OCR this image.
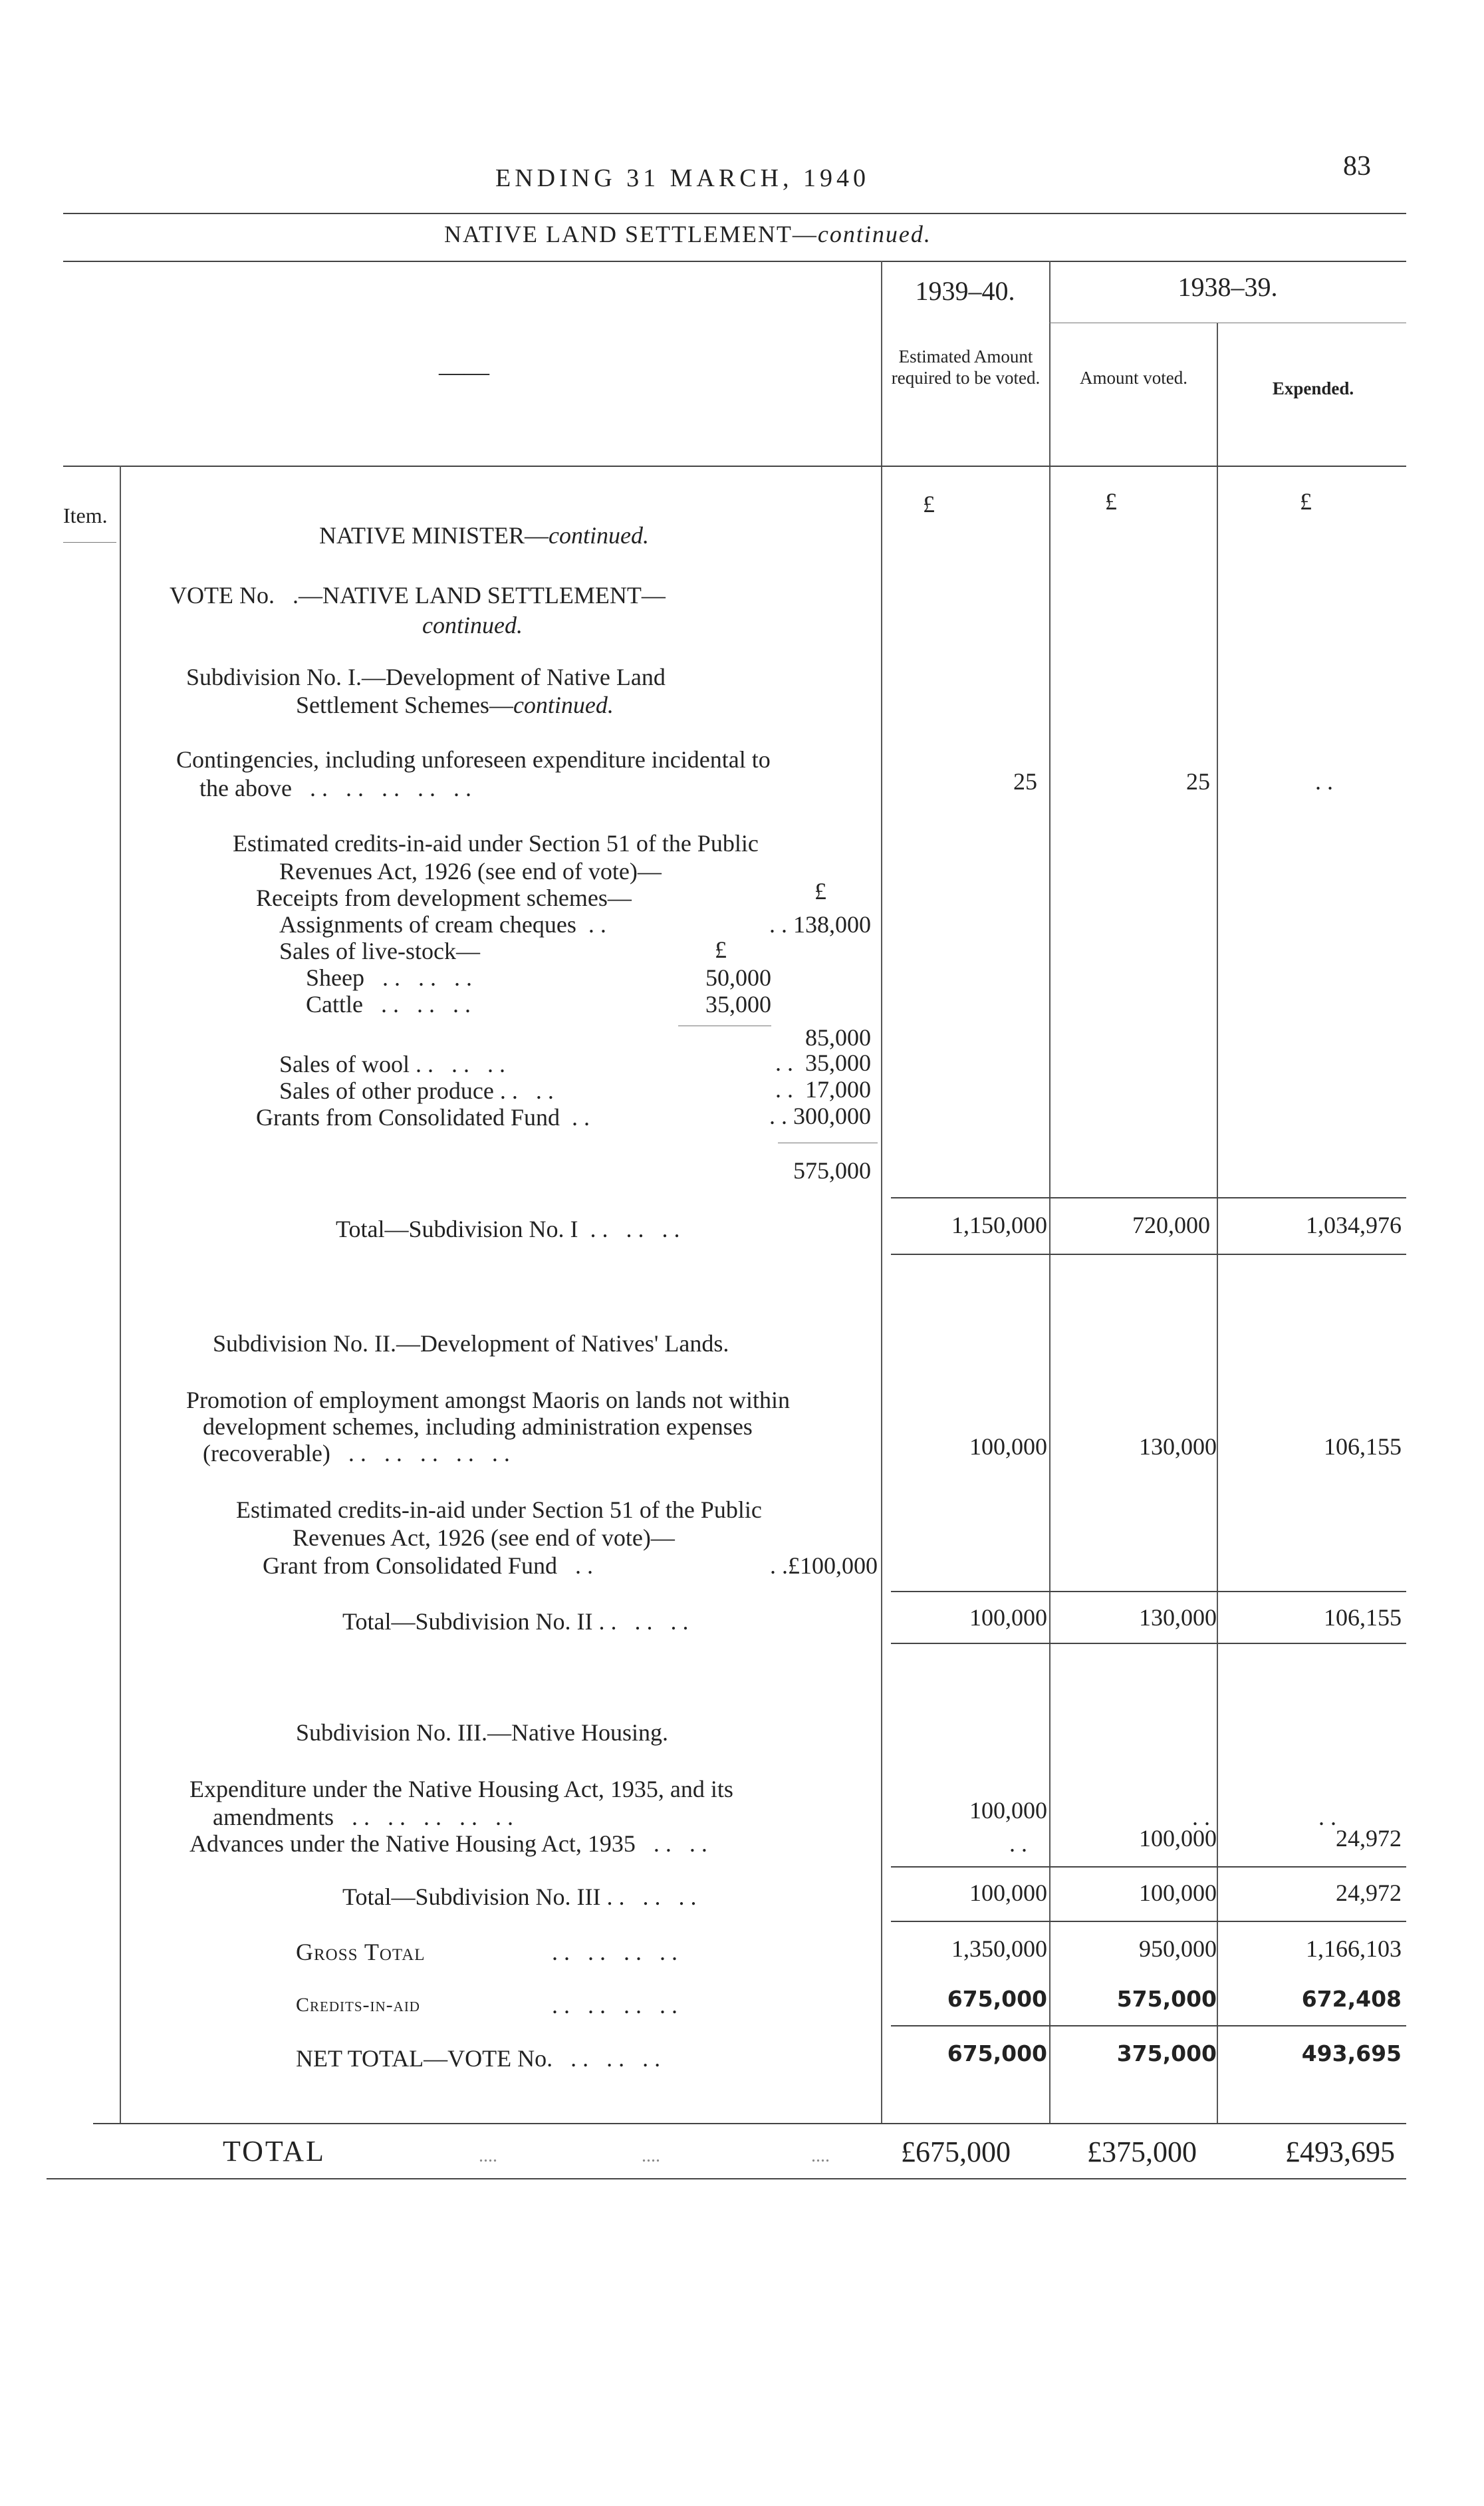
ENDING 31 MARCH, 1940	83
NATIVE LAND SETTLEMENT—continued.
——
1939–40.	1938–39.
Estimated Amount required to be voted.	Amount voted.
Expended.
Item.	£	£	£
NATIVE MINISTER—continued.
VOTE No.   .—NATIVE LAND SETTLEMENT—
continued.
Subdivision No. I.—Development of Native Land
Settlement Schemes—continued.
Contingencies, including unforeseen expenditure incidental to
the above   . .   . .   . .   . .   . .	25	25	. .
Estimated credits-in-aid under Section 51 of the Public
Revenues Act, 1926 (see end of vote)—
Receipts from development schemes—	£
Assignments of cream cheques  . .	. . 138,000
Sales of live-stock—	£
Sheep   . .   . .   . .	50,000
Cattle   . .   . .   . .	35,000
85,000
Sales of wool . .   . .   . .	. .  35,000
Sales of other produce . .   . .	. .  17,000
Grants from Consolidated Fund  . .	. . 300,000
575,000
Total—Subdivision No. I  . .   . .   . .	1,150,000	720,000	1,034,976
Subdivision No. II.—Development of Natives' Lands.
Promotion of employment amongst Maoris on lands not within
development schemes, including administration expenses
(recoverable)   . .   . .   . .   . .   . .	100,000	130,000	106,155
Estimated credits-in-aid under Section 51 of the Public
Revenues Act, 1926 (see end of vote)—
Grant from Consolidated Fund   . .	. .£100,000
Total—Subdivision No. II . .   . .   . .	100,000	130,000	106,155
Subdivision No. III.—Native Housing.
Expenditure under the Native Housing Act, 1935, and its
amendments   . .   . .   . .   . .   . .	100,000	. .	. .
Advances under the Native Housing Act, 1935   . .   . .	. .	100,000	24,972
Total—Subdivision No. III . .   . .   . .	100,000	100,000	24,972
Gross Total	. .   . .   . .   . .	1,350,000	950,000	1,166,103
Credits-in-aid	. .   . .   . .   . .	675,000	575,000	672,408
NET TOTAL—VOTE No.   . .   . .   . .	675,000	375,000	493,695
TOTAL	....	....	....	£675,000	£375,000	£493,695
